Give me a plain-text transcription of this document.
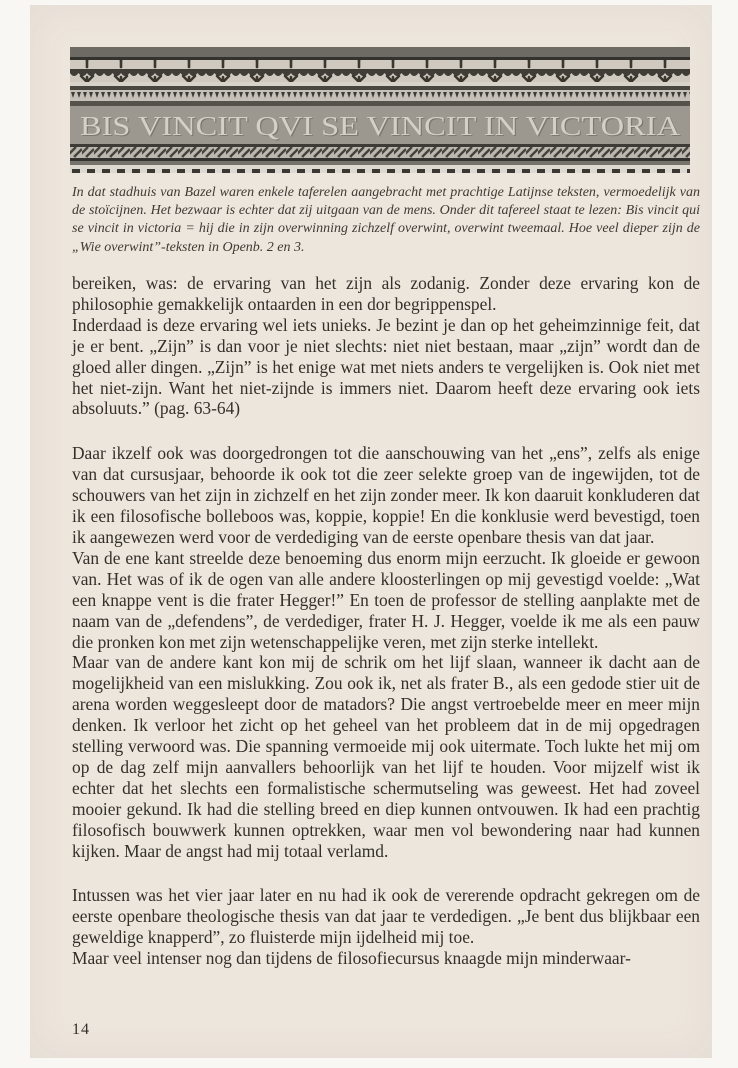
BIS VINCIT QVI SE VINCIT IN VICTORIA
In dat stadhuis van Bazel waren enkele taferelen aangebracht met prachtige Latijnse teksten, vermoedelijk van de stoïcijnen. Het bezwaar is echter dat zij uitgaan van de mens. Onder dit tafereel staat te lezen: Bis vincit qui se vincit in victoria = hij die in zijn overwinning zichzelf overwint, overwint tweemaal. Hoe veel dieper zijn de „Wie overwint”-teksten in Openb. 2 en 3.

bereiken, was: de ervaring van het zijn als zodanig. Zonder deze ervaring kon de philosophie gemakkelijk ontaarden in een dor begrippenspel.

Inderdaad is deze ervaring wel iets unieks. Je bezint je dan op het geheimzinnige feit, dat je er bent. „Zijn” is dan voor je niet slechts: niet niet bestaan, maar „zijn” wordt dan de gloed aller dingen. „Zijn” is het enige wat met niets anders te vergelijken is. Ook niet met het niet-zijn. Want het niet-zijnde is immers niet. Daarom heeft deze ervaring ook iets absoluuts.” (pag. 63-64)

Daar ikzelf ook was doorgedrongen tot die aanschouwing van het „ens”, zelfs als enige van dat cursusjaar, behoorde ik ook tot die zeer selekte groep van de ingewijden, tot de schouwers van het zijn in zichzelf en het zijn zonder meer. Ik kon daaruit konkluderen dat ik een filosofische bolleboos was, koppie, koppie! En die konklusie werd bevestigd, toen ik aangewezen werd voor de verdediging van de eerste openbare thesis van dat jaar.

Van de ene kant streelde deze benoeming dus enorm mijn eerzucht. Ik gloeide er gewoon van. Het was of ik de ogen van alle andere kloosterlingen op mij gevestigd voelde: „Wat een knappe vent is die frater Hegger!” En toen de professor de stelling aanplakte met de naam van de „defendens”, de verdediger, frater H. J. Hegger, voelde ik me als een pauw die pronken kon met zijn wetenschappelijke veren, met zijn sterke intellekt.

Maar van de andere kant kon mij de schrik om het lijf slaan, wanneer ik dacht aan de mogelijkheid van een mislukking. Zou ook ik, net als frater B., als een gedode stier uit de arena worden weggesleept door de matadors? Die angst vertroebelde meer en meer mijn denken. Ik verloor het zicht op het geheel van het probleem dat in de mij opgedragen stelling verwoord was. Die spanning vermoeide mij ook uitermate. Toch lukte het mij om op de dag zelf mijn aanvallers behoorlijk van het lijf te houden. Voor mijzelf wist ik echter dat het slechts een formalistische schermutseling was geweest. Het had zoveel mooier gekund. Ik had die stelling breed en diep kunnen ontvouwen. Ik had een prachtig filosofisch bouwwerk kunnen optrekken, waar men vol bewondering naar had kunnen kijken. Maar de angst had mij totaal verlamd.

Intussen was het vier jaar later en nu had ik ook de vererende opdracht gekregen om de eerste openbare theologische thesis van dat jaar te verdedigen. „Je bent dus blijkbaar een geweldige knapperd”, zo fluisterde mijn ijdelheid mij toe.

Maar veel intenser nog dan tijdens de filosofiecursus knaagde mijn minderwaar-

14
